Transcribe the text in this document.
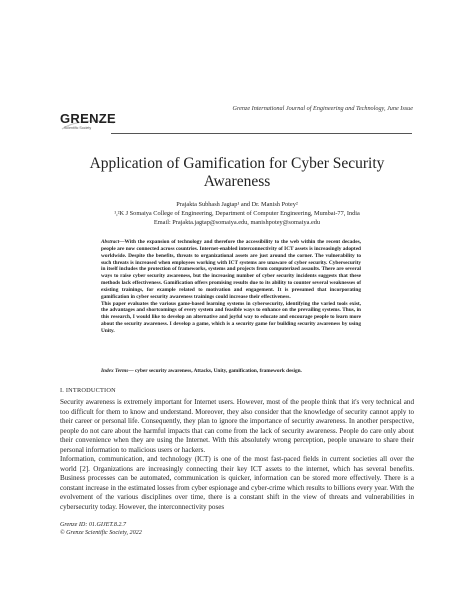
GRENZE
Scientific Society
Grenze International Journal of Engineering and Technology, June Issue
Application of Gamification for Cyber Security Awareness
Prajakta Subhash Jagtap¹ and Dr. Manish Potey²
¹,²K J Somaiya College of Engineering, Department of Computer Engineering, Mumbai-77, India
Email: Prajakta.jagtap@somaiya.edu, manishpotey@somaiya.edu

Abstract—With the expansion of technology and therefore the accessibility to the web within the recent decades, people are now connected across countries. Internet-enabled interconnectivity of ICT assets is increasingly adopted worldwide. Despite the benefits, threats to organizational assets are just around the corner. The vulnerability to such threats is increased when employees working with ICT systems are unaware of cyber security. Cybersecurity in itself includes the protection of frameworks, systems and projects from computerized assaults. There are several ways to raise cyber security awareness, but the increasing number of cyber security incidents suggests that these methods lack effectiveness. Gamification offers promising results due to its ability to counter several weaknesses of existing trainings, for example related to motivation and engagement. It is presumed that incorporating gamification in cyber security awareness trainings could increase their effectiveness.

This paper evaluates the various game-based learning systems in cybersecurity, identifying the varied tools exist, the advantages and shortcomings of every system and feasible ways to enhance on the prevailing systems. Thus, in this research, I would like to develop an alternative and joyful way to educate and encourage people to learn more about the security awareness. I develop a game, which is a security game for building security awareness by using Unity.

Index Terms— cyber security awareness, Attacks, Unity, gamification, framework design.
I. INTRODUCTION

Security awareness is extremely important for Internet users. However, most of the people think that it's very technical and too difficult for them to know and understand. Moreover, they also consider that the knowledge of security cannot apply to their career or personal life. Consequently, they plan to ignore the importance of security awareness. In another perspective, people do not care about the harmful impacts that can come from the lack of security awareness. People do care only about their convenience when they are using the Internet. With this absolutely wrong perception, people unaware to share their personal information to malicious users or hackers.

Information, communication, and technology (ICT) is one of the most fast-paced fields in current societies all over the world [2]. Organizations are increasingly connecting their key ICT assets to the internet, which has several benefits. Business processes can be automated, communication is quicker, information can be stored more effectively. There is a constant increase in the estimated losses from cyber espionage and cyber-crime which results to billions every year. With the evolvement of the various disciplines over time, there is a constant shift in the view of threats and vulnerabilities in cybersecurity today. However, the interconnectivity poses

Grenze ID: 01.GIJET.8.2.7
© Grenze Scientific Society, 2022
